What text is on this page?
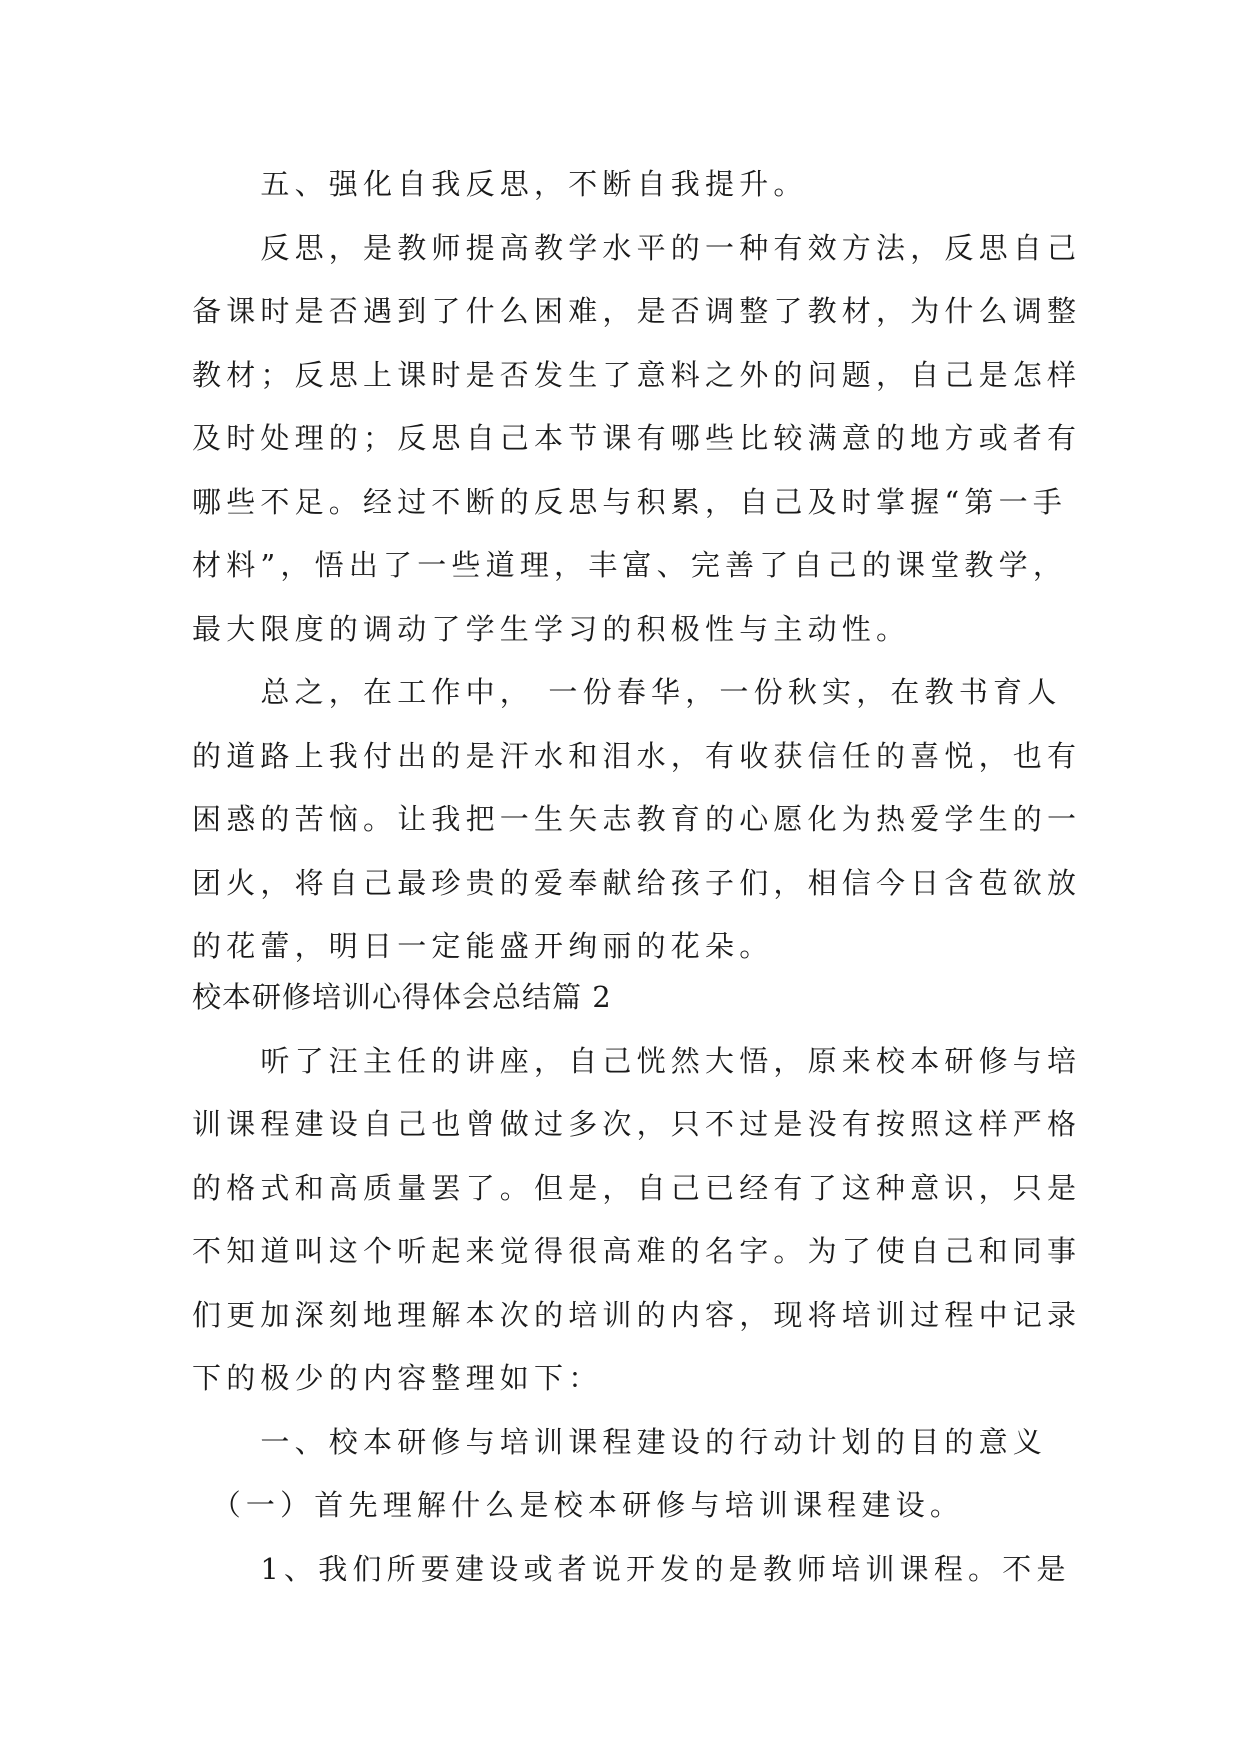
　　五、强化自我反思，不断自我提升。
　　反思，是教师提高教学水平的一种有效方法，反思自己
备课时是否遇到了什么困难，是否调整了教材，为什么调整
教材；反思上课时是否发生了意料之外的问题，自己是怎样
及时处理的；反思自己本节课有哪些比较满意的地方或者有
哪些不足。经过不断的反思与积累，自己及时掌握“第一手
材料”，悟出了一些道理，丰富、完善了自己的课堂教学，
最大限度的调动了学生学习的积极性与主动性。
　　总之，在工作中， 一份春华，一份秋实，在教书育人
的道路上我付出的是汗水和泪水，有收获信任的喜悦，也有
困惑的苦恼。让我把一生矢志教育的心愿化为热爱学生的一
团火，将自己最珍贵的爱奉献给孩子们，相信今日含苞欲放
的花蕾，明日一定能盛开绚丽的花朵。
校本研修培训心得体会总结篇 2
　　听了汪主任的讲座，自己恍然大悟，原来校本研修与培
训课程建设自己也曾做过多次，只不过是没有按照这样严格
的格式和高质量罢了。但是，自己已经有了这种意识，只是
不知道叫这个听起来觉得很高难的名字。为了使自己和同事
们更加深刻地理解本次的培训的内容，现将培训过程中记录
下的极少的内容整理如下：
　　一、校本研修与培训课程建设的行动计划的目的意义
　（一）首先理解什么是校本研修与培训课程建设。
　　1、我们所要建设或者说开发的是教师培训课程。不是
